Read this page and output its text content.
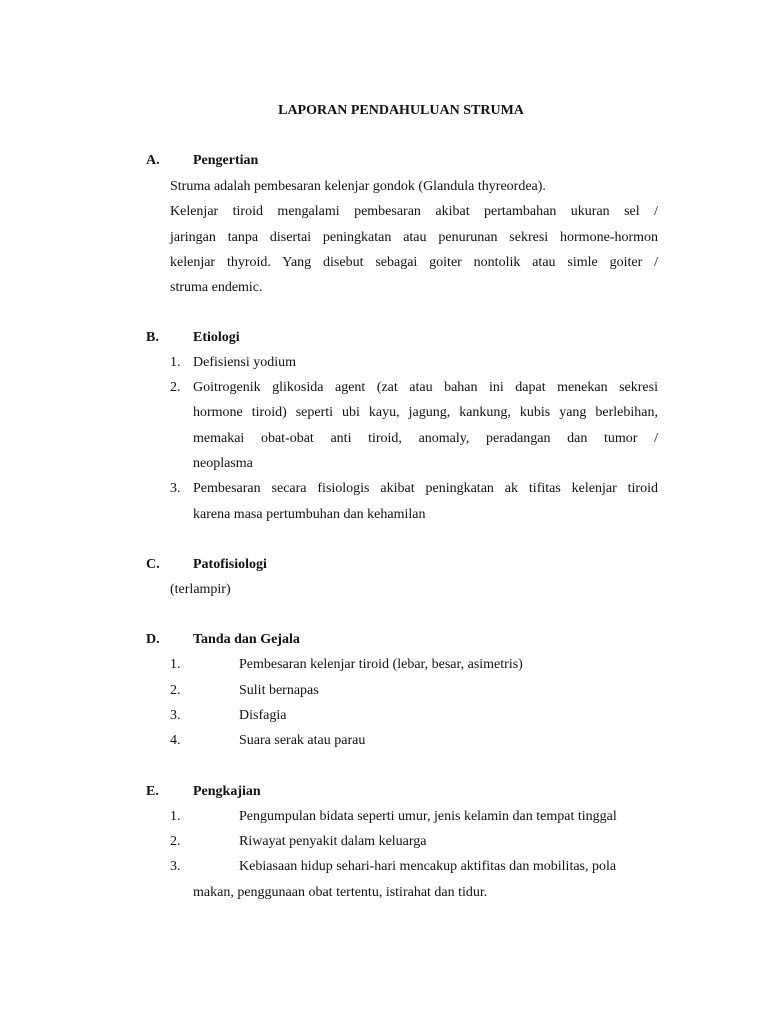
LAPORAN PENDAHULUAN STRUMA
A. Pengertian
Struma adalah pembesaran kelenjar gondok (Glandula thyreordea).
Kelenjar tiroid mengalami pembesaran akibat pertambahan ukuran sel /
jaringan tanpa disertai peningkatan atau penurunan sekresi hormone-hormon
kelenjar thyroid. Yang disebut sebagai goiter nontolik atau simle goiter /
struma endemic.
B. Etiologi
1. Defisiensi yodium
2. Goitrogenik glikosida agent (zat atau bahan ini dapat menekan sekresi
hormone tiroid) seperti ubi kayu, jagung, kankung, kubis yang berlebihan,
memakai obat-obat anti tiroid, anomaly, peradangan dan tumor /
neoplasma
3. Pembesaran secara fisiologis akibat peningkatan ak tifitas kelenjar tiroid
karena masa pertumbuhan dan kehamilan
C. Patofisiologi
(terlampir)
D. Tanda dan Gejala
1.	Pembesaran kelenjar tiroid (lebar, besar, asimetris)
2.	Sulit bernapas
3.	Disfagia
4.	Suara serak atau parau
E. Pengkajian
1.	Pengumpulan bidata seperti umur, jenis kelamin dan tempat tinggal
2.	Riwayat penyakit dalam keluarga
3.	Kebiasaan hidup sehari-hari mencakup aktifitas dan mobilitas, pola
makan, penggunaan obat tertentu, istirahat dan tidur.
